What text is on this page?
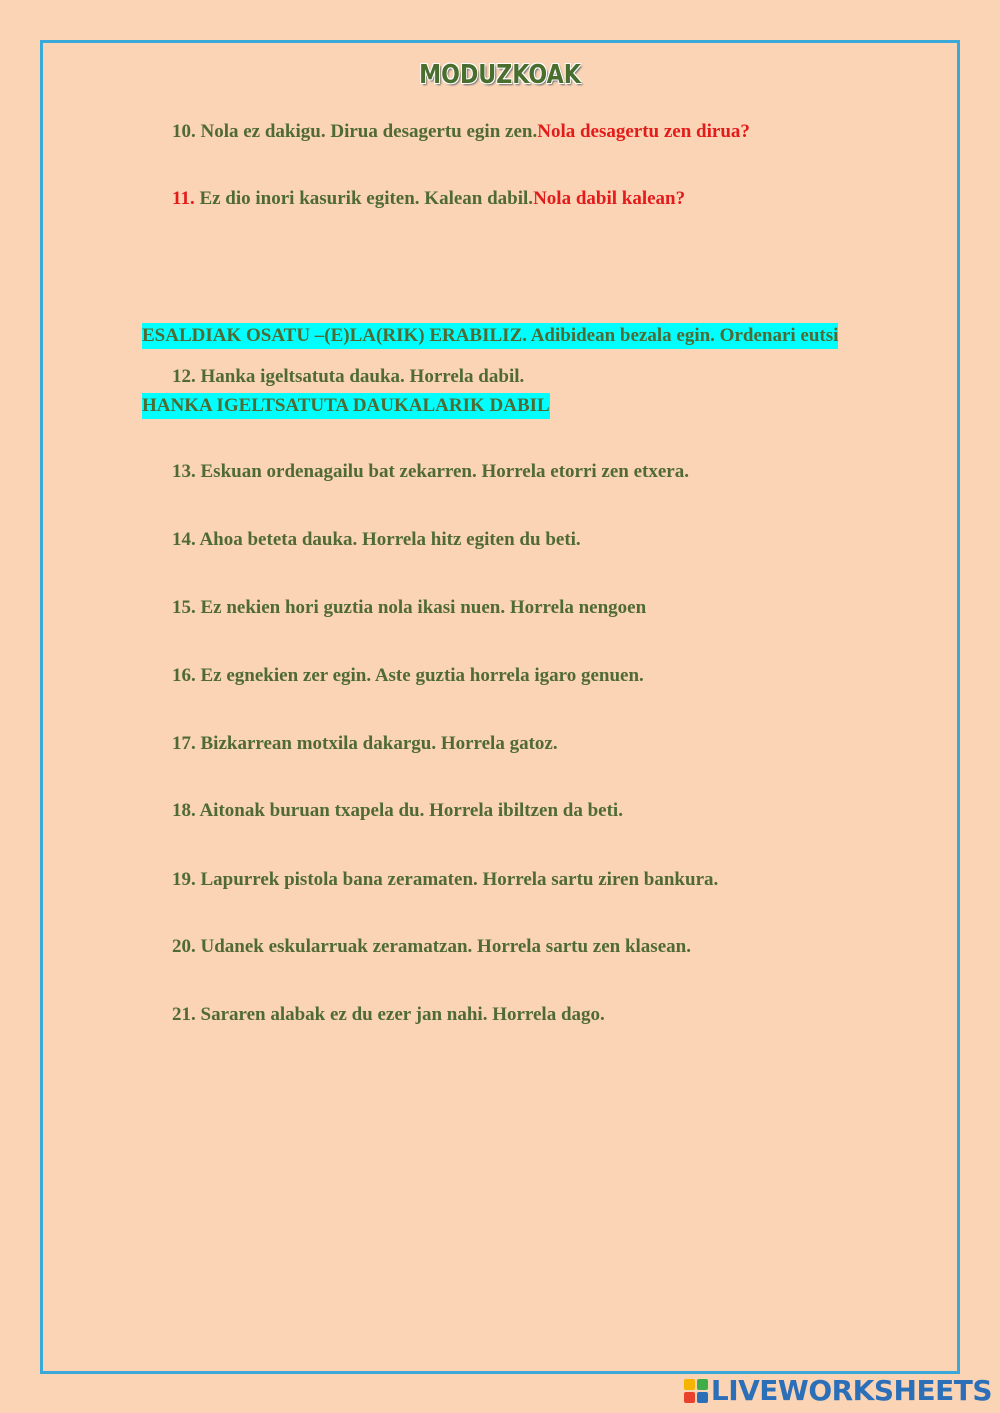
MODUZKOAK
10. Nola ez dakigu. Dirua desagertu egin zen.Nola desagertu zen dirua?
11. Ez dio inori kasurik egiten. Kalean dabil.Nola dabil kalean?
ESALDIAK OSATU –(E)LA(RIK) ERABILIZ. Adibidean bezala egin. Ordenari eutsi
12. Hanka igeltsatuta dauka. Horrela dabil.
HANKA IGELTSATUTA DAUKALARIK DABIL
13. Eskuan ordenagailu bat zekarren. Horrela etorri zen etxera.
14. Ahoa beteta dauka. Horrela hitz egiten du beti.
15. Ez nekien hori guztia nola ikasi nuen. Horrela nengoen
16. Ez egnekien zer egin. Aste guztia horrela igaro genuen.
17. Bizkarrean motxila dakargu. Horrela gatoz.
18. Aitonak buruan txapela du. Horrela ibiltzen da beti.
19. Lapurrek pistola bana zeramaten. Horrela sartu ziren bankura.
20. Udanek eskularruak zeramatzan. Horrela sartu zen klasean.
21. Sararen alabak ez du ezer jan nahi. Horrela dago.
LIVEWORKSHEETS
